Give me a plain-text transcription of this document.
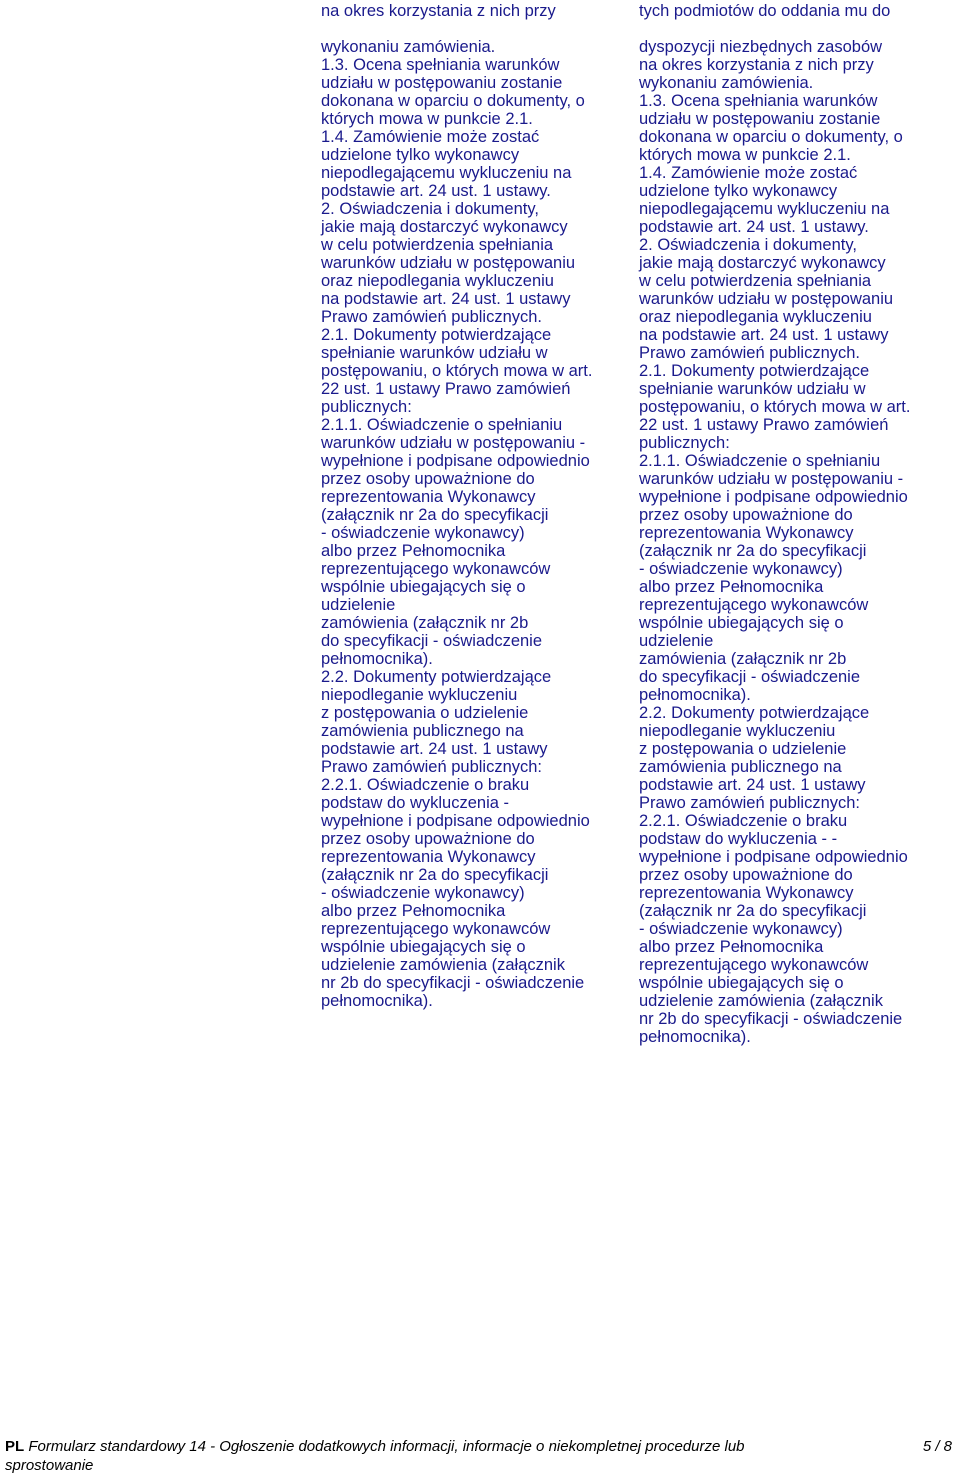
na okres korzystania z nich przy
wykonaniu zamówienia.
1.3. Ocena spełniania warunków
udziału w postępowaniu zostanie
dokonana w oparciu o dokumenty, o
których mowa w punkcie 2.1.
1.4. Zamówienie może zostać
udzielone tylko wykonawcy
niepodlegającemu wykluczeniu na
podstawie art. 24 ust. 1 ustawy.
2. Oświadczenia i dokumenty,
jakie mają dostarczyć wykonawcy
w celu potwierdzenia spełniania
warunków udziału w postępowaniu
oraz niepodlegania wykluczeniu
na podstawie art. 24 ust. 1 ustawy
Prawo zamówień publicznych.
2.1. Dokumenty potwierdzające
spełnianie warunków udziału w
postępowaniu, o których mowa w art.
22 ust. 1 ustawy Prawo zamówień
publicznych:
2.1.1. Oświadczenie o spełnianiu
warunków udziału w postępowaniu -
wypełnione i podpisane odpowiednio
przez osoby upoważnione do
reprezentowania Wykonawcy
(załącznik nr 2a do specyfikacji
- oświadczenie wykonawcy)
albo przez Pełnomocnika
reprezentującego wykonawców
wspólnie ubiegających się o
udzielenie
zamówienia (załącznik nr 2b
do specyfikacji - oświadczenie
pełnomocnika).
2.2. Dokumenty potwierdzające
niepodleganie wykluczeniu
z postępowania o udzielenie
zamówienia publicznego na
podstawie art. 24 ust. 1 ustawy
Prawo zamówień publicznych:
2.2.1. Oświadczenie o braku
podstaw do wykluczenia -
wypełnione i podpisane odpowiednio
przez osoby upoważnione do
reprezentowania Wykonawcy
(załącznik nr 2a do specyfikacji
- oświadczenie wykonawcy)
albo przez Pełnomocnika
reprezentującego wykonawców
wspólnie ubiegających się o
udzielenie zamówienia (załącznik
nr 2b do specyfikacji - oświadczenie
pełnomocnika).
tych podmiotów do oddania mu do
dyspozycji niezbędnych zasobów
na okres korzystania z nich przy
wykonaniu zamówienia.
1.3. Ocena spełniania warunków
udziału w postępowaniu zostanie
dokonana w oparciu o dokumenty, o
których mowa w punkcie 2.1.
1.4. Zamówienie może zostać
udzielone tylko wykonawcy
niepodlegającemu wykluczeniu na
podstawie art. 24 ust. 1 ustawy.
2. Oświadczenia i dokumenty,
jakie mają dostarczyć wykonawcy
w celu potwierdzenia spełniania
warunków udziału w postępowaniu
oraz niepodlegania wykluczeniu
na podstawie art. 24 ust. 1 ustawy
Prawo zamówień publicznych.
2.1. Dokumenty potwierdzające
spełnianie warunków udziału w
postępowaniu, o których mowa w art.
22 ust. 1 ustawy Prawo zamówień
publicznych:
2.1.1. Oświadczenie o spełnianiu
warunków udziału w postępowaniu -
wypełnione i podpisane odpowiednio
przez osoby upoważnione do
reprezentowania Wykonawcy
(załącznik nr 2a do specyfikacji
- oświadczenie wykonawcy)
albo przez Pełnomocnika
reprezentującego wykonawców
wspólnie ubiegających się o
udzielenie
zamówienia (załącznik nr 2b
do specyfikacji - oświadczenie
pełnomocnika).
2.2. Dokumenty potwierdzające
niepodleganie wykluczeniu
z postępowania o udzielenie
zamówienia publicznego na
podstawie art. 24 ust. 1 ustawy
Prawo zamówień publicznych:
2.2.1. Oświadczenie o braku
podstaw do wykluczenia - -
wypełnione i podpisane odpowiednio
przez osoby upoważnione do
reprezentowania Wykonawcy
(załącznik nr 2a do specyfikacji
- oświadczenie wykonawcy)
albo przez Pełnomocnika
reprezentującego wykonawców
wspólnie ubiegających się o
udzielenie zamówienia (załącznik
nr 2b do specyfikacji - oświadczenie
pełnomocnika).
PL Formularz standardowy 14 - Ogłoszenie dodatkowych informacji, informacje o niekompletnej procedurze lub
sprostowanie
5 / 8
